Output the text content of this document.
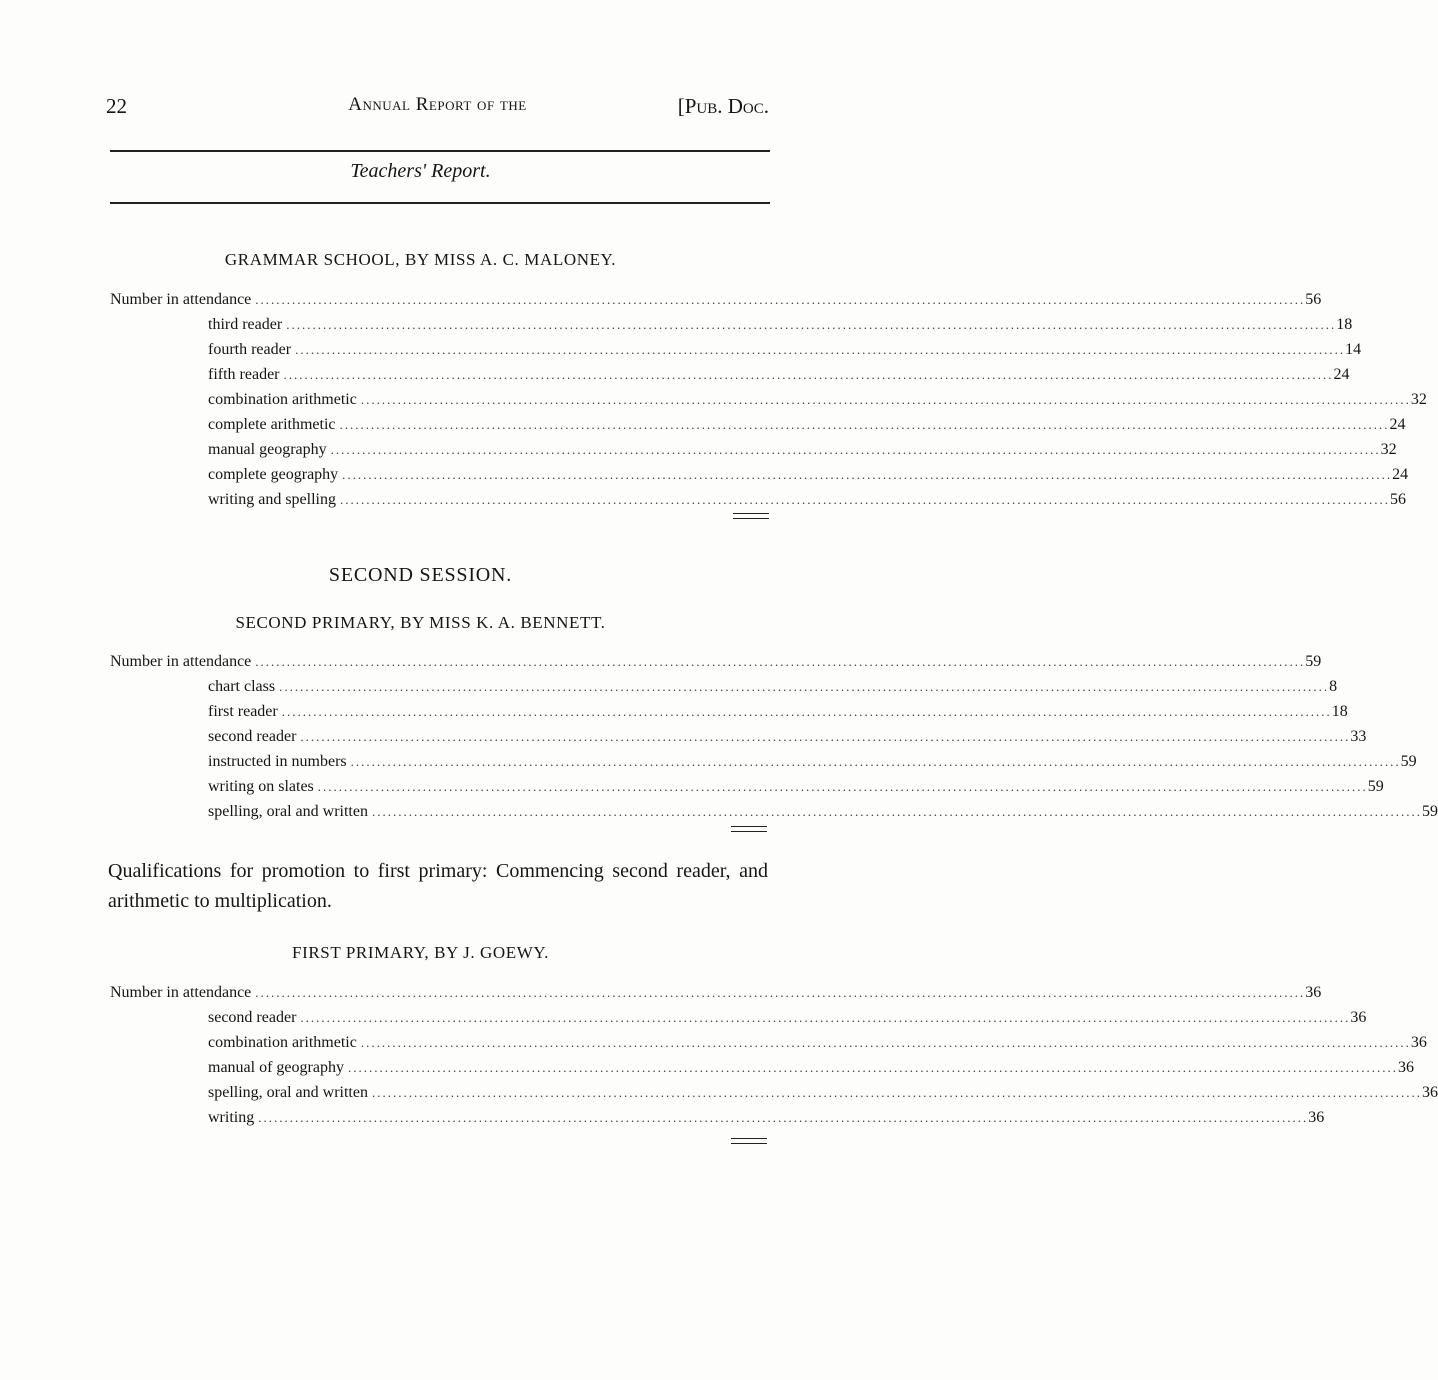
22	Annual Report of the	[Pub. Doc.
Teachers' Report.
GRAMMAR SCHOOL, BY MISS A. C. MALONEY.
Number in attendance ........................................................................................................................................................................................................ 56
third reader ........................................................................................................................................................................................................ 18
fourth reader ........................................................................................................................................................................................................ 14
fifth reader ........................................................................................................................................................................................................ 24
combination arithmetic ........................................................................................................................................................................................................ 32
complete arithmetic ........................................................................................................................................................................................................ 24
manual geography ........................................................................................................................................................................................................ 32
complete geography ........................................................................................................................................................................................................ 24
writing and spelling ........................................................................................................................................................................................................ 56
SECOND SESSION.
SECOND PRIMARY, BY MISS K. A. BENNETT.
Number in attendance ........................................................................................................................................................................................................ 59
chart class ........................................................................................................................................................................................................ 8
first reader ........................................................................................................................................................................................................ 18
second reader ........................................................................................................................................................................................................ 33
instructed in numbers ........................................................................................................................................................................................................ 59
writing on slates ........................................................................................................................................................................................................ 59
spelling, oral and written ........................................................................................................................................................................................................ 59
Qualifications for promotion to first primary: Commencing second reader, and arithmetic to multiplication.
FIRST PRIMARY, BY J. GOEWY.
Number in attendance ........................................................................................................................................................................................................ 36
second reader ........................................................................................................................................................................................................ 36
combination arithmetic ........................................................................................................................................................................................................ 36
manual of geography ........................................................................................................................................................................................................ 36
spelling, oral and written ........................................................................................................................................................................................................ 36
writing ........................................................................................................................................................................................................ 36
